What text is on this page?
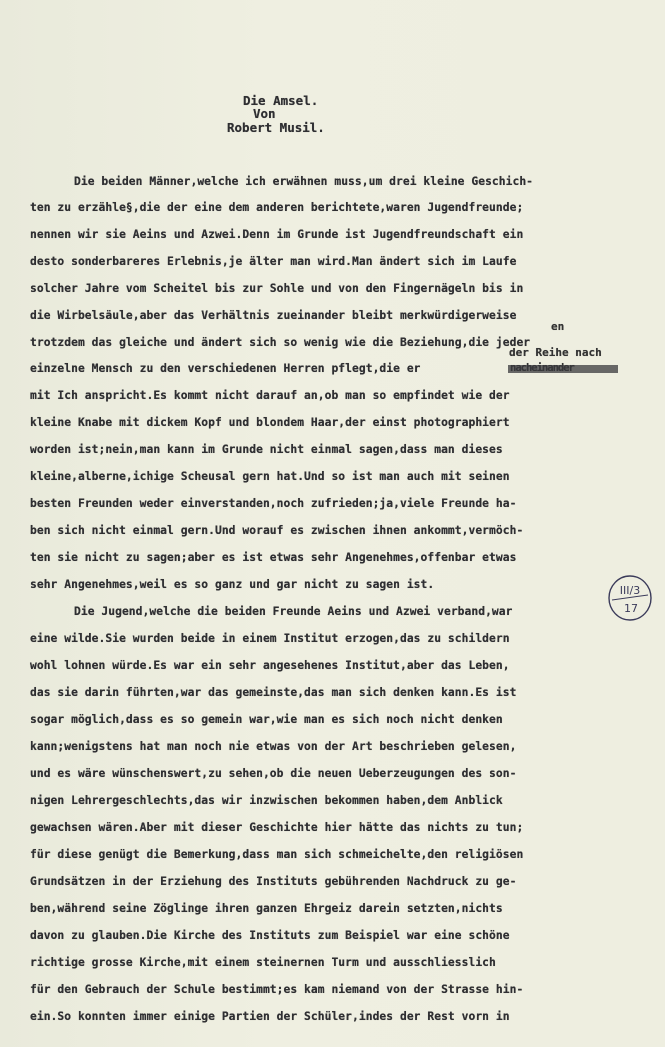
Die Amsel.
Von
Robert Musil.
Die beiden Männer,welche ich erwähnen muss,um drei kleine Geschich-
ten zu erzähle§,die der eine dem anderen berichtete,waren Jugendfreunde;
nennen wir sie Aeins und Azwei.Denn im Grunde ist Jugendfreundschaft ein
desto sonderbareres Erlebnis,je älter man wird.Man ändert sich im Laufe
solcher Jahre vom Scheitel bis zur Sohle und von den Fingernägeln bis in
die Wirbelsäule,aber das Verhältnis zueinander bleibt merkwürdigerweise
en
trotzdem das gleiche und ändert sich so wenig wie die Beziehung,die jeder
der Reihe nach
einzelne Mensch zu den verschiedenen Herren pflegt,die er
mit Ich anspricht.Es kommt nicht darauf an,ob man so empfindet wie der
kleine Knabe mit dickem Kopf und blondem Haar,der einst photographiert
worden ist;nein,man kann im Grunde nicht einmal sagen,dass man dieses
kleine,alberne,ichige Scheusal gern hat.Und so ist man auch mit seinen
besten Freunden weder einverstanden,noch zufrieden;ja,viele Freunde ha-
ben sich nicht einmal gern.Und worauf es zwischen ihnen ankommt,vermöch-
ten sie nicht zu sagen;aber es ist etwas sehr Angenehmes,offenbar etwas
sehr Angenehmes,weil es so ganz und gar nicht zu sagen ist.
Die Jugend,welche die beiden Freunde Aeins und Azwei verband,war
eine wilde.Sie wurden beide in einem Institut erzogen,das zu schildern
wohl lohnen würde.Es war ein sehr angesehenes Institut,aber das Leben,
das sie darin führten,war das gemeinste,das man sich denken kann.Es ist
sogar möglich,dass es so gemein war,wie man es sich noch nicht denken
kann;wenigstens hat man noch nie etwas von der Art beschrieben gelesen,
und es wäre wünschenswert,zu sehen,ob die neuen Ueberzeugungen des son-
nigen Lehrergeschlechts,das wir inzwischen bekommen haben,dem Anblick
gewachsen wären.Aber mit dieser Geschichte hier hätte das nichts zu tun;
für diese genügt die Bemerkung,dass man sich schmeichelte,den religiösen
Grundsätzen in der Erziehung des Instituts gebührenden Nachdruck zu ge-
ben,während seine Zöglinge ihren ganzen Ehrgeiz darein setzten,nichts
davon zu glauben.Die Kirche des Instituts zum Beispiel war eine schöne
richtige grosse Kirche,mit einem steinernen Turm und ausschliesslich
für den Gebrauch der Schule bestimmt;es kam niemand von der Strasse hin-
ein.So konnten immer einige Partien der Schüler,indes der Rest vorn in
III/3
17
